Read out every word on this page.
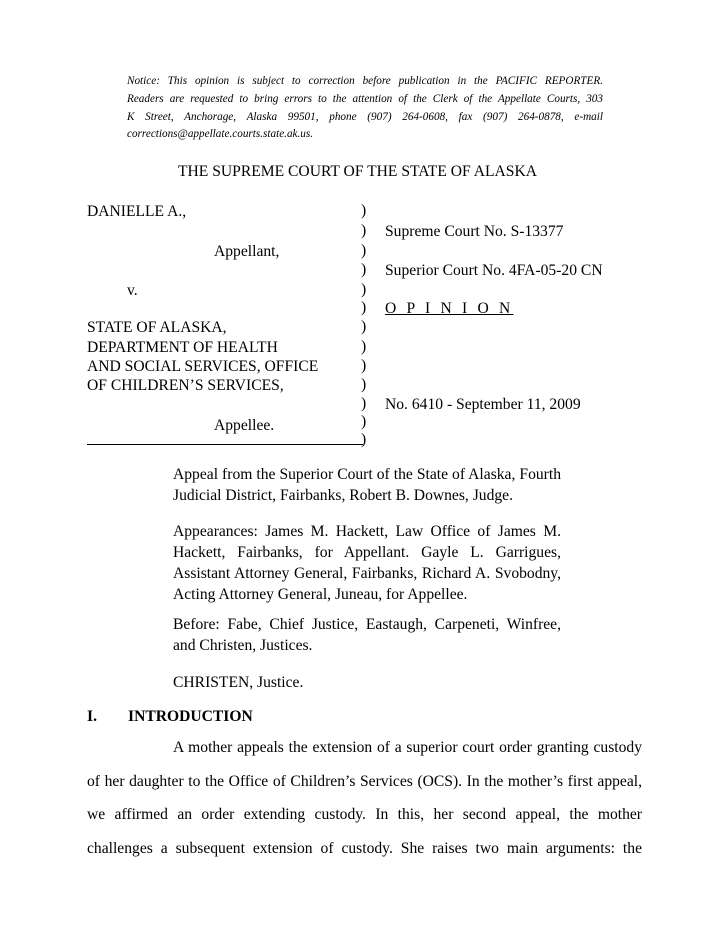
Notice: This opinion is subject to correction before publication in the PACIFIC REPORTER.
Readers are requested to bring errors to the attention of the Clerk of the Appellate Courts, 303
K Street, Anchorage, Alaska 99501, phone (907) 264-0608, fax (907) 264-0878, e-mail
corrections@appellate.courts.state.ak.us.
THE SUPREME COURT OF THE STATE OF ALASKA
DANIELLE A.,
Appellant,
v.
STATE OF ALASKA,
DEPARTMENT OF HEALTH
AND SOCIAL SERVICES, OFFICE
OF CHILDREN’S SERVICES,
Appellee.
)
)
)
)
)
)
)
)
)
)
)
)
)
Supreme Court No. S-13377
Superior Court No. 4FA-05-20 CN
O P I N I O N
No. 6410 - September 11, 2009
Appeal from the Superior Court of the State of Alaska, Fourth
Judicial District, Fairbanks, Robert B. Downes, Judge.
Appearances: James M. Hackett, Law Office of James M.
Hackett, Fairbanks, for Appellant. Gayle L. Garrigues,
Assistant Attorney General, Fairbanks, Richard A. Svobodny,
Acting Attorney General, Juneau, for Appellee.
Before: Fabe, Chief Justice, Eastaugh, Carpeneti, Winfree,
and Christen, Justices.
CHRISTEN, Justice.
I. INTRODUCTION
A mother appeals the extension of a superior court order granting custody
of her daughter to the Office of Children’s Services (OCS). In the mother’s first appeal,
we affirmed an order extending custody. In this, her second appeal, the mother
challenges a subsequent extension of custody. She raises two main arguments: the
